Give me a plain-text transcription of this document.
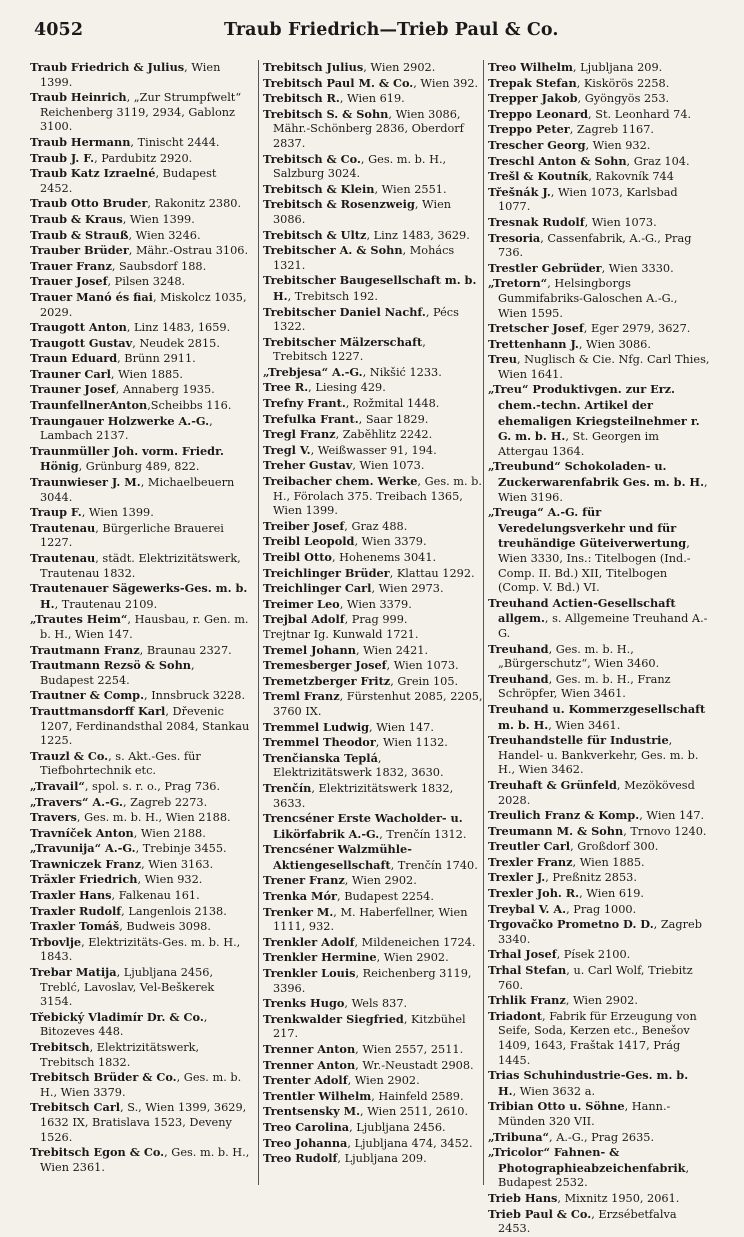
4052	Traub Friedrich—Trieb Paul & Co.
Traub Friedrich & Julius, Wien 1399.
Traub Heinrich, „Zur Strumpfwelt“ Reichenberg 3119, 2934, Gablonz 3100.
Traub Hermann, Tinischt 2444.
Traub J. F., Pardubitz 2920.
Traub Katz Izraelné, Budapest 2452.
Traub Otto Bruder, Rakonitz 2380.
Traub & Kraus, Wien 1399.
Traub & Strauß, Wien 3246.
Trauber Brüder, Mähr.-Ostrau 3106.
Trauer Franz, Saubsdorf 188.
Trauer Josef, Pilsen 3248.
Trauer Manó és fiai, Miskolcz 1035, 2029.
Traugott Anton, Linz 1483, 1659.
Traugott Gustav, Neudek 2815.
Traun Eduard, Brünn 2911.
Trauner Carl, Wien 1885.
Trauner Josef, Annaberg 1935.
TraunfellnerAnton,Scheibbs 116.
Traungauer Holzwerke A.-G., Lambach 2137.
Traunmüller Joh. vorm. Friedr. Hönig, Grünburg 489, 822.
Traunwieser J. M., Michaelbeuern 3044.
Traup F., Wien 1399.
Trautenau, Bürgerliche Brauerei 1227.
Trautenau, städt. Elektrizitätswerk, Trautenau 1832.
Trautenauer Sägewerks-Ges. m. b. H., Trautenau 2109.
„Trautes Heim“, Hausbau, r. Gen. m. b. H., Wien 147.
Trautmann Franz, Braunau 2327.
Trautmann Rezsö & Sohn, Budapest 2254.
Trautner & Comp., Innsbruck 3228.
Trauttmansdorff Karl, Dřevenic 1207, Ferdinandsthal 2084, Stankau 1225.
Trauzl & Co., s. Akt.-Ges. für Tiefbohrtechnik etc.
„Travail“, spol. s. r. o., Prag 736.
„Travers“ A.-G., Zagreb 2273.
Travers, Ges. m. b. H., Wien 2188.
Travníček Anton, Wien 2188.
„Travunija“ A.-G., Trebinje 3455.
Trawniczek Franz, Wien 3163.
Träxler Friedrich, Wien 932.
Traxler Hans, Falkenau 161.
Traxler Rudolf, Langenlois 2138.
Traxler Tomáš, Budweis 3098.
Trbovlje, Elektrizitäts-Ges. m. b. H., 1843.
Trebar Matija, Ljubljana 2456, Treblć, Lavoslav, Vel-Beškerek 3154.
Třebický Vladimír Dr. & Co., Bitozeves 448.
Trebitsch, Elektrizitätswerk, Trebitsch 1832.
Trebitsch Brüder & Co., Ges. m. b. H., Wien 3379.
Trebitsch Carl, S., Wien 1399, 3629, 1632 IX, Bratislava 1523, Deveny 1526.
Trebitsch Egon & Co., Ges. m. b. H., Wien 2361.
Trebitsch Julius, Wien 2902.
Trebitsch Paul M. & Co., Wien 392.
Trebitsch R., Wien 619.
Trebitsch S. & Sohn, Wien 3086, Mähr.-Schönberg 2836, Oberdorf 2837.
Trebitsch & Co., Ges. m. b. H., Salzburg 3024.
Trebitsch & Klein, Wien 2551.
Trebitsch & Rosenzweig, Wien 3086.
Trebitsch & Ultz, Linz 1483, 3629.
Trebitscher A. & Sohn, Mohács 1321.
Trebitscher Baugesellschaft m. b. H., Trebitsch 192.
Trebitscher Daniel Nachf., Pécs 1322.
Trebitscher Mälzerschaft, Trebitsch 1227.
„Trebjesa“ A.-G., Nikšić 1233.
Tree R., Liesing 429.
Trefny Frant., Rožmital 1448.
Trefulka Frant., Saar 1829.
Tregl Franz, Zabĕhlitz 2242.
Tregl V., Weißwasser 91, 194.
Treher Gustav, Wien 1073.
Treibacher chem. Werke, Ges. m. b. H., Förolach 375. Treibach 1365, Wien 1399.
Treiber Josef, Graz 488.
Treibl Leopold, Wien 3379.
Treibl Otto, Hohenems 3041.
Treichlinger Brüder, Klattau 1292.
Treichlinger Carl, Wien 2973.
Treimer Leo, Wien 3379.
Trejbal Adolf, Prag 999.
Trejtnar Ig. Kunwald 1721.
Tremel Johann, Wien 2421.
Tremesberger Josef, Wien 1073.
Tremetzberger Fritz, Grein 105.
Treml Franz, Fürstenhut 2085, 2205, 3760 IX.
Tremmel Ludwig, Wien 147.
Tremmel Theodor, Wien 1132.
Trenčianska Teplá, Elektrizitätswerk 1832, 3630.
Trenčín, Elektrizitätswerk 1832, 3633.
Trencséner Erste Wacholder- u. Likörfabrik A.-G., Trenčín 1312.
Trencséner Walzmühle-Aktiengesellschaft, Trenčín 1740.
Trener Franz, Wien 2902.
Trenka Mór, Budapest 2254.
Trenker M., M. Haberfellner, Wien 1111, 932.
Trenkler Adolf, Mildeneichen 1724.
Trenkler Hermine, Wien 2902.
Trenkler Louis, Reichenberg 3119, 3396.
Trenks Hugo, Wels 837.
Trenkwalder Siegfried, Kitzbühel 217.
Trenner Anton, Wien 2557, 2511.
Trenner Anton, Wr.-Neustadt 2908.
Trenter Adolf, Wien 2902.
Trentler Wilhelm, Hainfeld 2589.
Trentsensky M., Wien 2511, 2610.
Treo Carolina, Ljubljana 2456.
Treo Johanna, Ljubljana 474, 3452.
Treo Rudolf, Ljubljana 209.
Treo Wilhelm, Ljubljana 209.
Trepak Stefan, Kiskörös 2258.
Trepper Jakob, Gyöngyös 253.
Treppo Leonard, St. Leonhard 74.
Treppo Peter, Zagreb 1167.
Trescher Georg, Wien 932.
Treschl Anton & Sohn, Graz 104.
Trešl & Koutník, Rakovník 744
Třešnák J., Wien 1073, Karlsbad 1077.
Tresnak Rudolf, Wien 1073.
Tresoria, Cassenfabrik, A.-G., Prag 736.
Trestler Gebrüder, Wien 3330.
„Tretorn“, Helsingborgs Gummifabriks-Galoschen A.-G., Wien 1595.
Tretscher Josef, Eger 2979, 3627.
Trettenhann J., Wien 3086.
Treu, Nuglisch & Cie. Nfg. Carl Thies, Wien 1641.
„Treu“ Produktivgen. zur Erz. chem.-techn. Artikel der ehemaligen Kriegsteilnehmer r. G. m. b. H., St. Georgen im Attergau 1364.
„Treubund“ Schokoladen- u. Zuckerwarenfabrik Ges. m. b. H., Wien 3196.
„Treuga“ A.-G. für Veredelungsverkehr und für treuhändige Güteiverwertung, Wien 3330, Ins.: Titelbogen (Ind.-Comp. II. Bd.) XII, Titelbogen (Comp. V. Bd.) VI.
Treuhand Actien-Gesellschaft allgem., s. Allgemeine Treuhand A.-G.
Treuhand, Ges. m. b. H., „Bürgerschutz“, Wien 3460.
Treuhand, Ges. m. b. H., Franz Schröpfer, Wien 3461.
Treuhand u. Kommerzgesellschaft m. b. H., Wien 3461.
Treuhandstelle für Industrie, Handel- u. Bankverkehr, Ges. m. b. H., Wien 3462.
Treuhaft & Grünfeld, Mezökövesd 2028.
Treulich Franz & Komp., Wien 147.
Treumann M. & Sohn, Trnovo 1240.
Treutler Carl, Großdorf 300.
Trexler Franz, Wien 1885.
Trexler J., Preßnitz 2853.
Trexler Joh. R., Wien 619.
Treybal V. A., Prag 1000.
Trgovačko Prometno D. D., Zagreb 3340.
Trhal Josef, Písek 2100.
Trhal Stefan, u. Carl Wolf, Triebitz 760.
Trhlik Franz, Wien 2902.
Triadont, Fabrik für Erzeugung von Seife, Soda, Kerzen etc., Benešov 1409, 1643, Fraštak 1417, Prág 1445.
Trias Schuhindustrie-Ges. m. b. H., Wien 3632 a.
Tribian Otto u. Söhne, Hann.-Münden 320 VII.
„Tribuna“, A.-G., Prag 2635.
„Tricolor“ Fahnen- & Photographieabzeichenfabrik, Budapest 2532.
Trieb Hans, Mixnitz 1950, 2061.
Trieb Paul & Co., Erzsébetfalva 2453.
